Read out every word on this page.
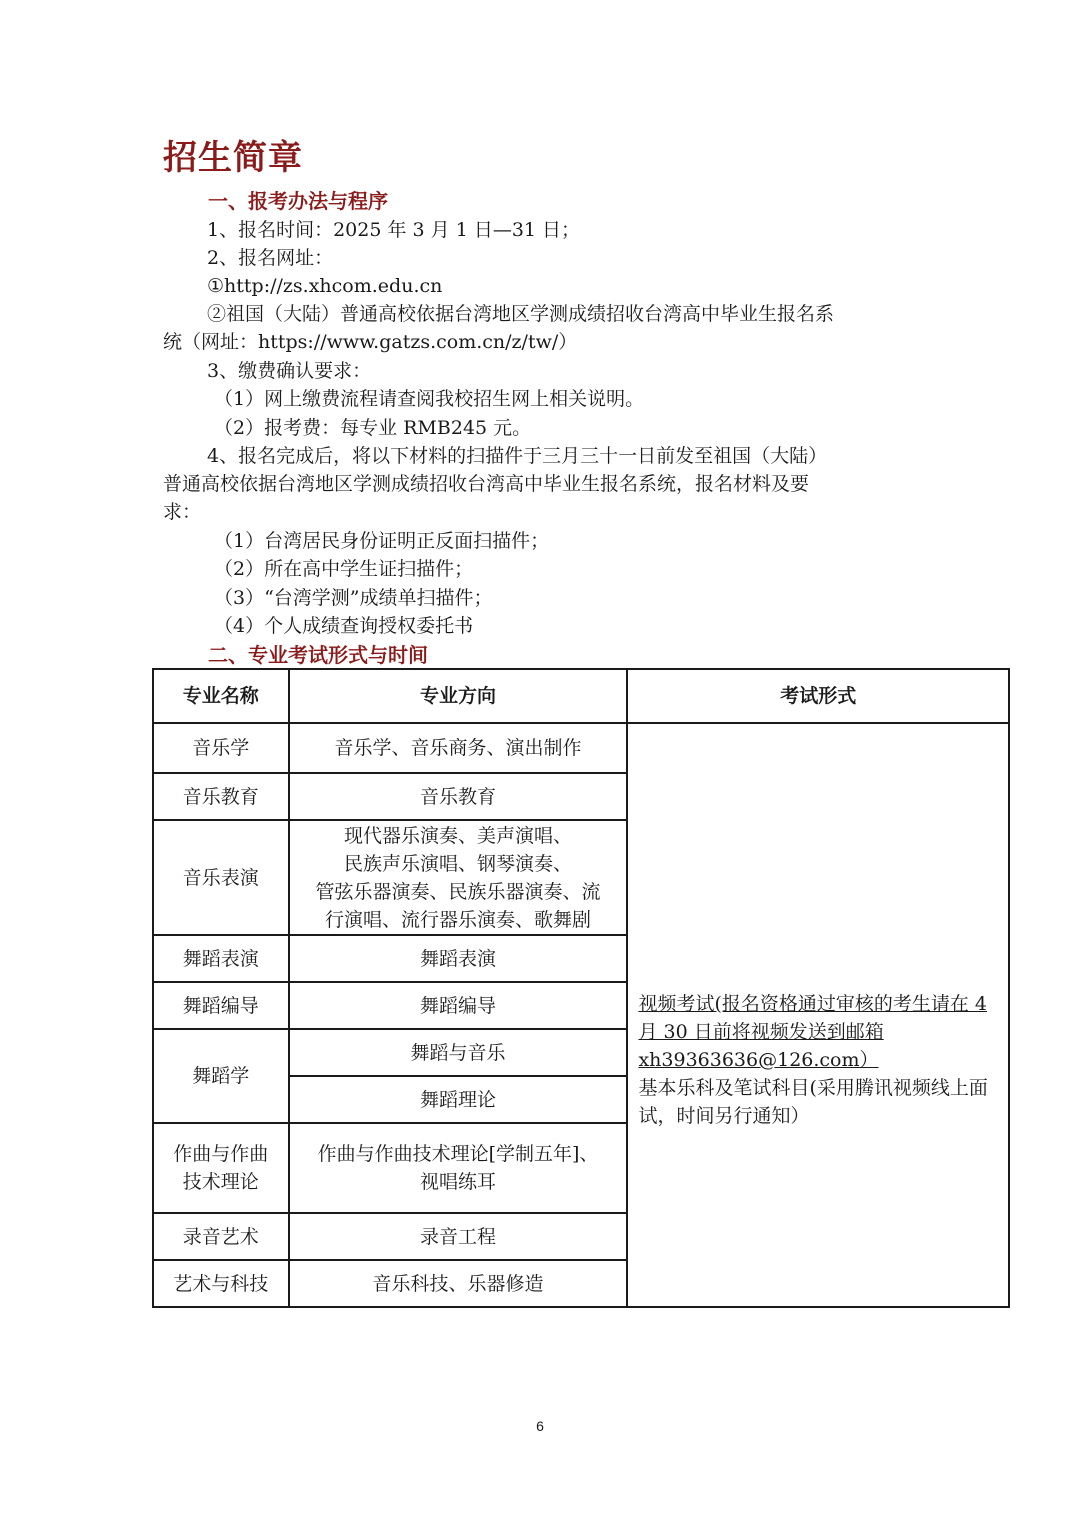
招生简章
一、报考办法与程序
1、报名时间：2025 年 3 月 1 日—31 日；
2、报名网址：
①http://zs.xhcom.edu.cn
②祖国（大陆）普通高校依据台湾地区学测成绩招收台湾高中毕业生报名系
统（网址：https://www.gatzs.com.cn/z/tw/）
3、缴费确认要求：
（1）网上缴费流程请查阅我校招生网上相关说明。
（2）报考费：每专业 RMB245 元。
4、报名完成后，将以下材料的扫描件于三月三十一日前发至祖国（大陆）
普通高校依据台湾地区学测成绩招收台湾高中毕业生报名系统，报名材料及要
求：
（1）台湾居民身份证明正反面扫描件；
（2）所在高中学生证扫描件；
（3）“台湾学测”成绩单扫描件；
（4）个人成绩查询授权委托书
二、专业考试形式与时间
专业名称	专业方向	考试形式
音乐学	音乐学、音乐商务、演出制作	视频考试(报名资格通过审核的考生请在 4 月 30 日前将视频发送到邮箱xh39363636@126.com）
基本乐科及笔试科目(采用腾讯视频线上面试，时间另行通知）

音乐教育	音乐教育	
音乐表演	现代器乐演奏、美声演唱、
民族声乐演唱、钢琴演奏、
管弦乐器演奏、民族乐器演奏、流
行演唱、流行器乐演奏、歌舞剧	
舞蹈表演	舞蹈表演	
舞蹈编导	舞蹈编导	
舞蹈学	舞蹈与音乐	
	舞蹈理论	
作曲与作曲
技术理论	作曲与作曲技术理论[学制五年]、
视唱练耳	
录音艺术	录音工程	
艺术与科技	音乐科技、乐器修造	
6
